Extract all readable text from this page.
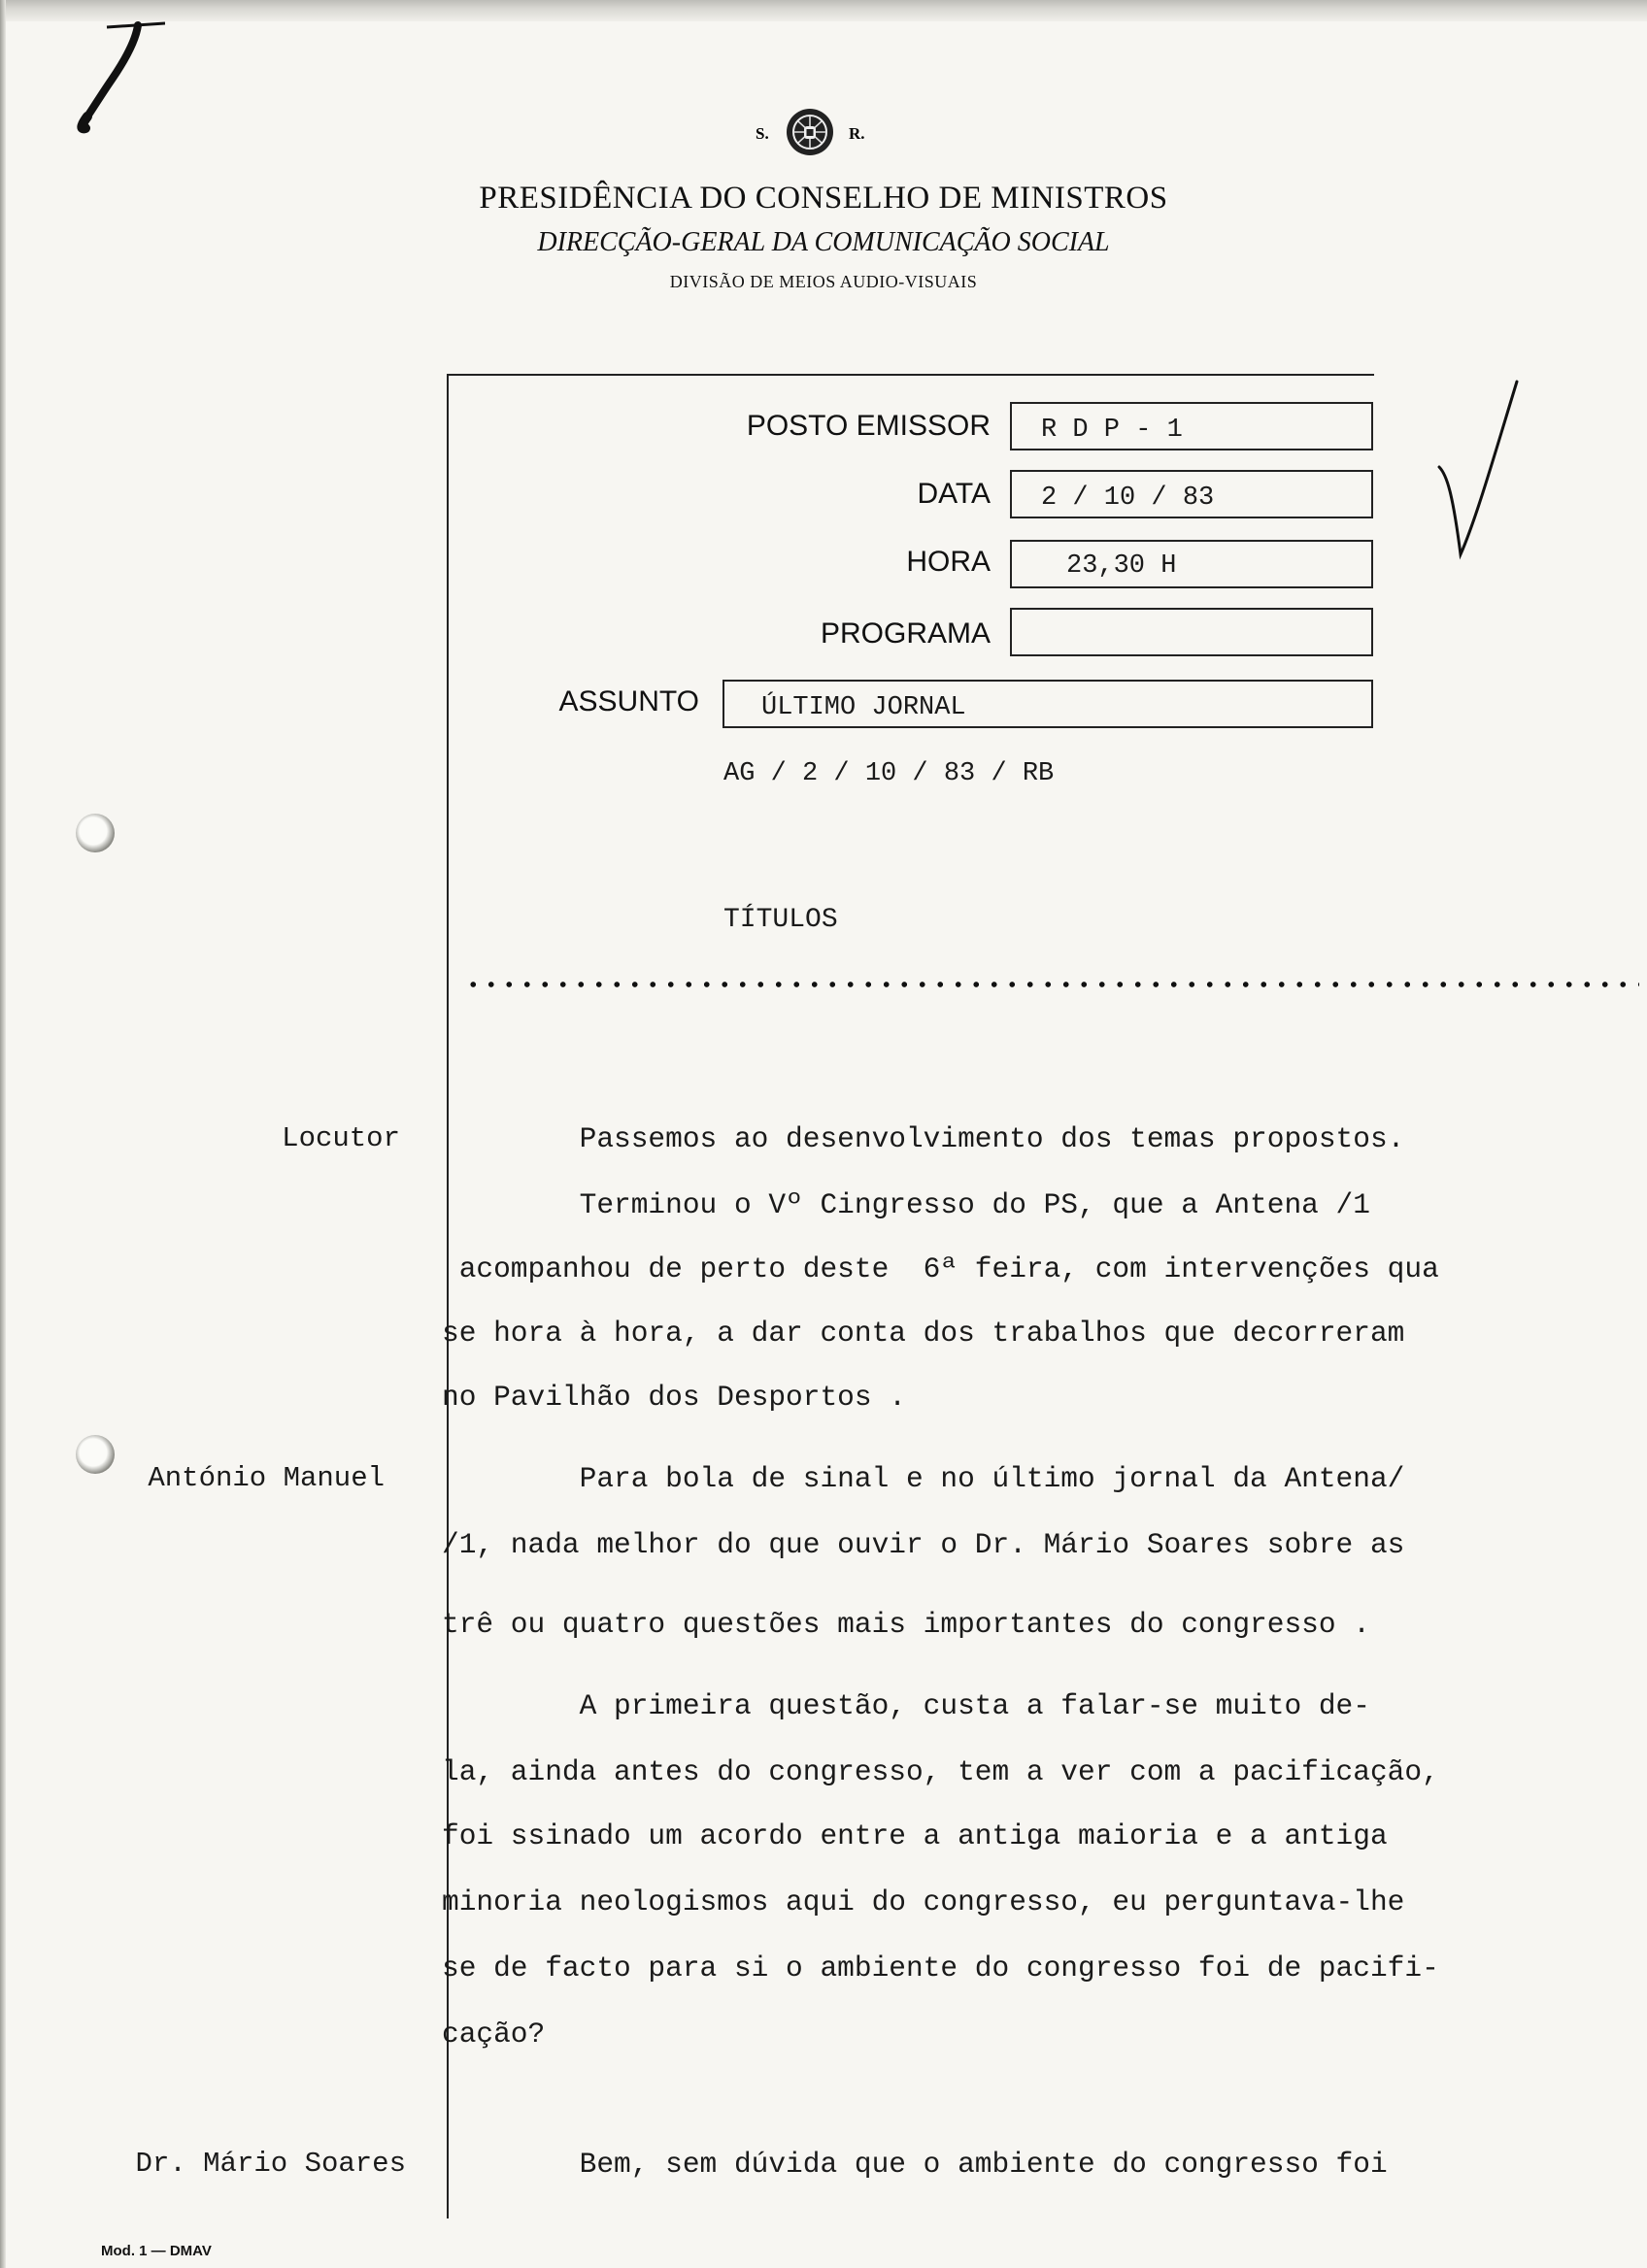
S.	R.
PRESIDÊNCIA DO CONSELHO DE MINISTROS
DIRECÇÃO-GERAL DA COMUNICAÇÃO SOCIAL
DIVISÃO DE MEIOS AUDIO-VISUAIS
POSTO EMISSOR R D P - 1
DATA 2 / 10 / 83
HORA	23,30 H
PROGRAMA
ASSUNTO ÚLTIMO JORNAL
AG / 2 / 10 / 83 / RB
TÍTULOS
Locutor
António Manuel
Dr. Mário Soares
Passemos ao desenvolvimento dos temas propostos.
Terminou o Vº Cingresso do PS, que a Antena /1
acompanhou de perto deste  6ª feira, com intervenções qua
se hora à hora, a dar conta dos trabalhos que decorreram
no Pavilhão dos Desportos .
Para bola de sinal e no último jornal da Antena/
/1, nada melhor do que ouvir o Dr. Mário Soares sobre as
trê ou quatro questões mais importantes do congresso .
A primeira questão, custa a falar-se muito de-
la, ainda antes do congresso, tem a ver com a pacificação,
foi ssinado um acordo entre a antiga maioria e a antiga
minoria neologismos aqui do congresso, eu perguntava-lhe
se de facto para si o ambiente do congresso foi de pacifi-
cação?
Bem, sem dúvida que o ambiente do congresso foi
Mod. 1 — DMAV
